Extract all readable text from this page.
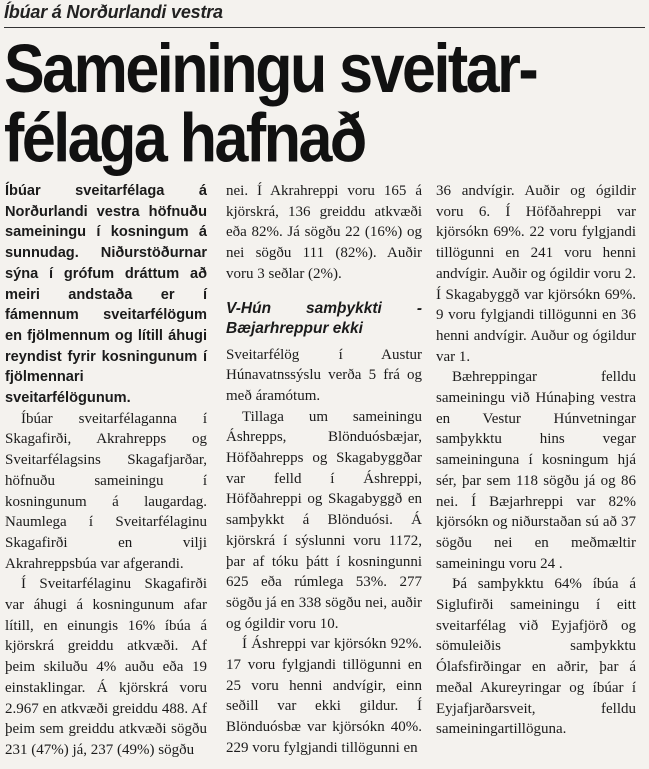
Íbúar á Norðurlandi vestra
Sameiningu sveitar-félaga hafnað

Íbúar sveitarfélaga á Norðurlandi vestra höfnuðu sameiningu í kosningum á sunnudag. Niðurstöðurnar sýna í grófum dráttum að meiri andstaða er í fámennum sveitarfélögum en fjölmennum og lítill áhugi reyndist fyrir kosningunum í fjölmennari sveitarfélögunum.

Íbúar sveitarfélaganna í Skagafirði, Akrahrepps og Sveitarfélagsins Skagafjarðar, höfnuðu sameiningu í kosningunum á laugardag. Naumlega í Sveitarfélaginu Skagafirði en vilji Akrahreppsbúa var afgerandi.

Í Sveitarfélaginu Skagafirði var áhugi á kosningunum afar lítill, en einungis 16% íbúa á kjörskrá greiddu atkvæði. Af þeim skiluðu 4% auðu eða 19 einstaklingar. Á kjörskrá voru 2.967 en atkvæði greiddu 488. Af þeim sem greiddu atkvæði sögðu 231 (47%) já, 237 (49%) sögðu

nei. Í Akrahreppi voru 165 á kjörskrá, 136 greiddu atkvæði eða 82%. Já sögðu 22 (16%) og nei sögðu 111 (82%). Auðir voru 3 seðlar (2%).

V-Hún samþykkti - Bæjarhreppur ekki

Sveitarfélög í Austur Húnavatnssýslu verða 5 frá og með áramótum.

Tillaga um sameiningu Áshrepps, Blönduósbæjar, Höfðahrepps og Skagabyggðar var felld í Áshreppi, Höfðahreppi og Skagabyggð en samþykkt á Blönduósi. Á kjörskrá í sýslunni voru 1172, þar af tóku þátt í kosningunni 625 eða rúmlega 53%. 277 sögðu já en 338 sögðu nei, auðir og ógildir voru 10.

Í Áshreppi var kjörsókn 92%. 17 voru fylgjandi tillögunni en 25 voru henni andvígir, einn seðill var ekki gildur. Í Blönduósbæ var kjörsókn 40%. 229 voru fylgjandi tillögunni en

36 andvígir. Auðir og ógildir voru 6. Í Höfðahreppi var kjörsókn 69%. 22 voru fylgjandi tillögunni en 241 voru henni andvígir. Auðir og ógildir voru 2. Í Skagabyggð var kjörsókn 69%. 9 voru fylgjandi tillögunni en 36 henni andvígir. Auður og ógildur var 1.

Bæhreppingar felldu sameiningu við Húnaþing vestra en Vestur Húnvetningar samþykktu hins vegar sameininguna í kosningum hjá sér, þar sem 118 sögðu já og 86 nei. Í Bæjarhreppi var 82% kjörsókn og niðurstaðan sú að 37 sögðu nei en meðmæltir sameiningu voru 24 .

Þá samþykktu 64% íbúa á Siglufirði sameiningu í eitt sveitarfélag við Eyjafjörð og sömuleiðis samþykktu Ólafsfirðingar en aðrir, þar á meðal Akureyringar og íbúar í Eyjafjarðarsveit, felldu sameiningartillöguna.
